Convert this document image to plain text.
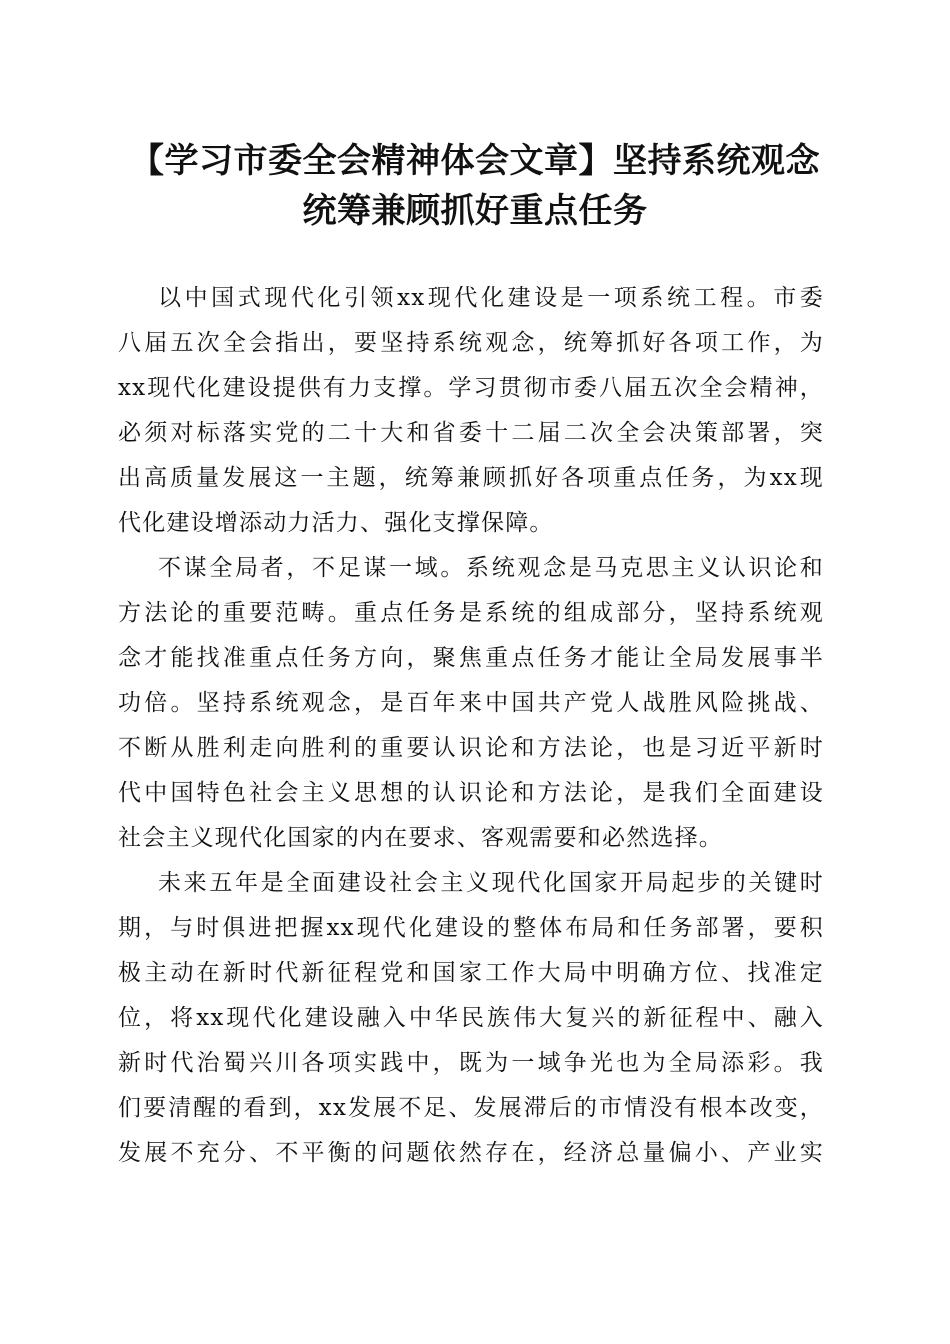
【学习市委全会精神体会文章】坚持系统观念
统筹兼顾抓好重点任务

以中国式现代化引领xx现代化建设是一项系统工程。市委
八届五次全会指出，要坚持系统观念，统筹抓好各项工作，为
xx现代化建设提供有力支撑。学习贯彻市委八届五次全会精神，
必须对标落实党的二十大和省委十二届二次全会决策部署，突
出高质量发展这一主题，统筹兼顾抓好各项重点任务，为xx现
代化建设增添动力活力、强化支撑保障。

不谋全局者，不足谋一域。系统观念是马克思主义认识论和
方法论的重要范畴。重点任务是系统的组成部分，坚持系统观
念才能找准重点任务方向，聚焦重点任务才能让全局发展事半
功倍。坚持系统观念，是百年来中国共产党人战胜风险挑战、
不断从胜利走向胜利的重要认识论和方法论，也是习近平新时
代中国特色社会主义思想的认识论和方法论，是我们全面建设
社会主义现代化国家的内在要求、客观需要和必然选择。

未来五年是全面建设社会主义现代化国家开局起步的关键时
期，与时俱进把握xx现代化建设的整体布局和任务部署，要积
极主动在新时代新征程党和国家工作大局中明确方位、找准定
位，将xx现代化建设融入中华民族伟大复兴的新征程中、融入
新时代治蜀兴川各项实践中，既为一域争光也为全局添彩。我
们要清醒的看到，xx发展不足、发展滞后的市情没有根本改变，
发展不充分、不平衡的问题依然存在，经济总量偏小、产业实
